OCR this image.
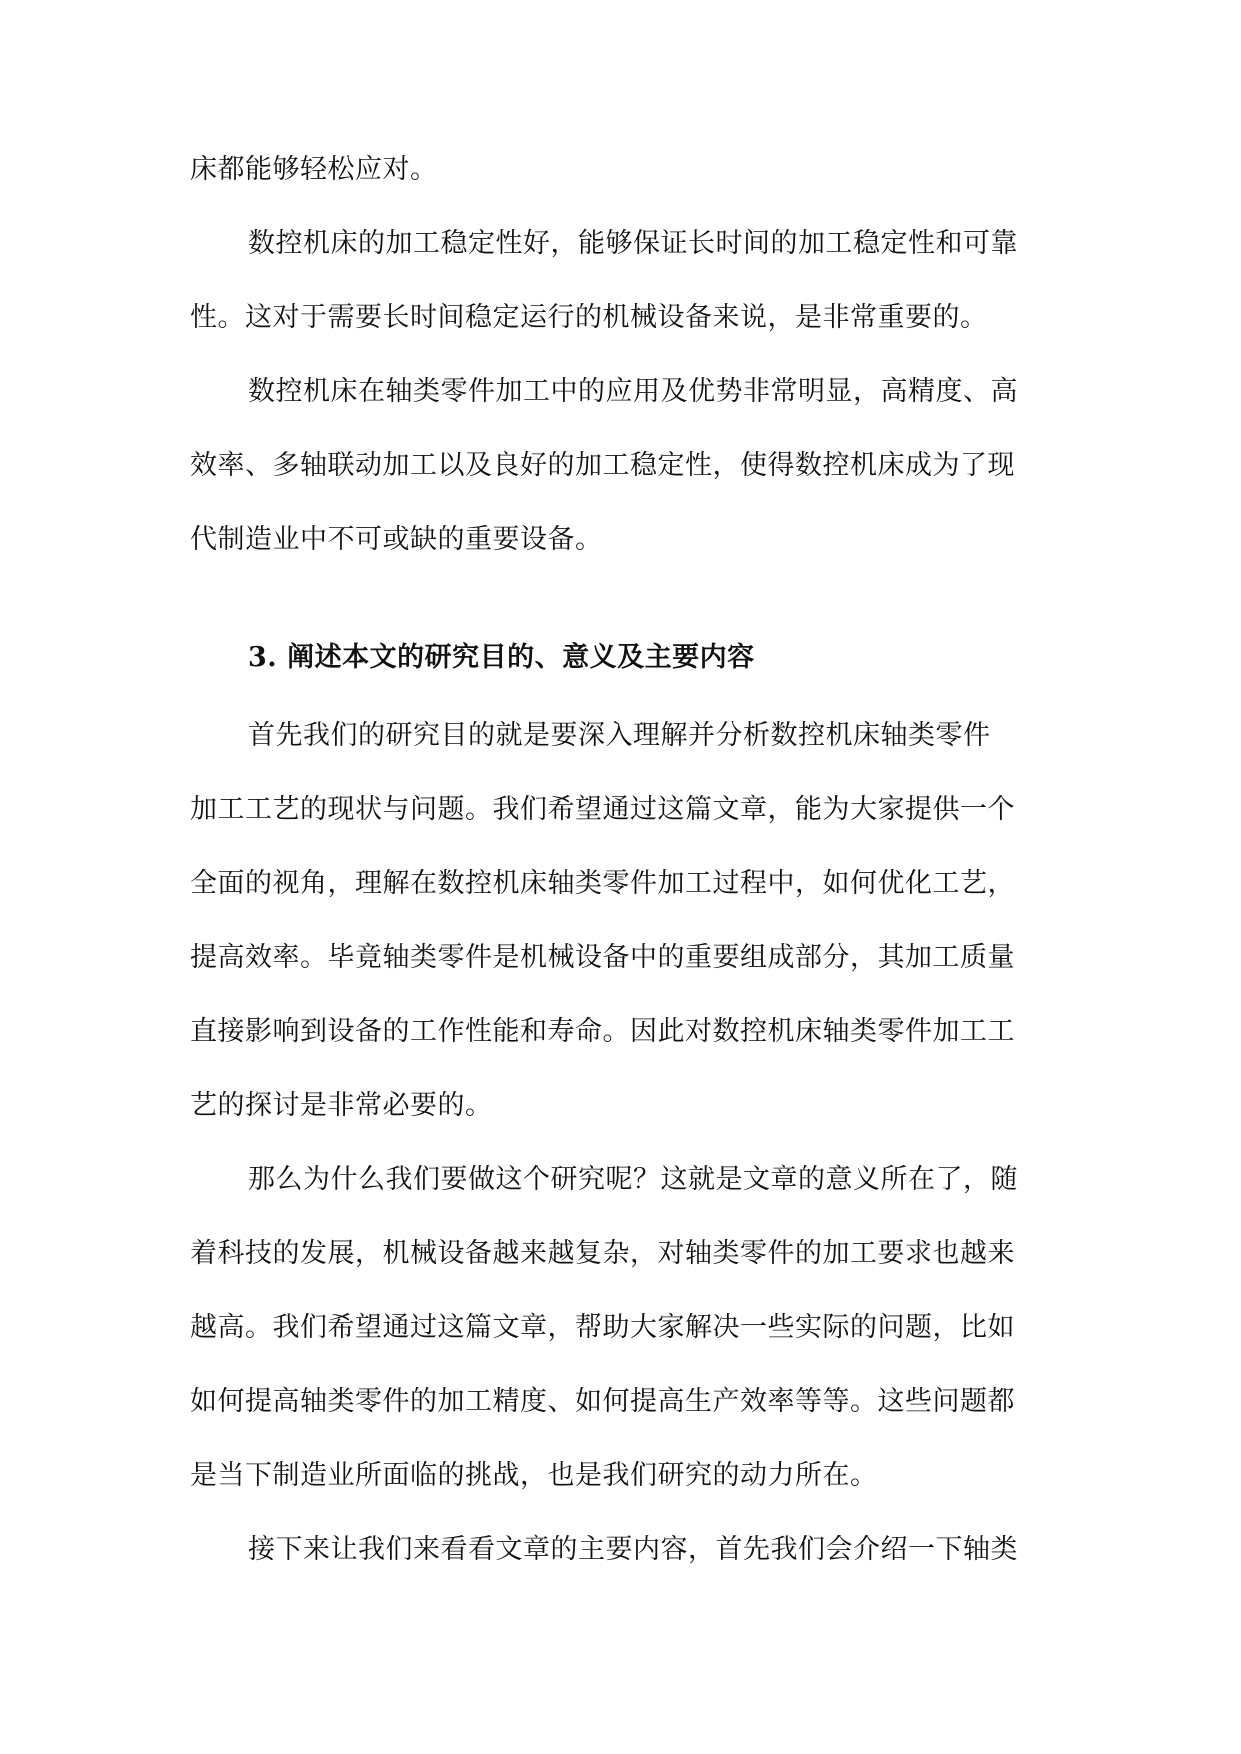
床都能够轻松应对。
数控机床的加工稳定性好，能够保证长时间的加工稳定性和可靠
性。这对于需要长时间稳定运行的机械设备来说，是非常重要的。
数控机床在轴类零件加工中的应用及优势非常明显，高精度、高
效率、多轴联动加工以及良好的加工稳定性，使得数控机床成为了现
代制造业中不可或缺的重要设备。
3. 阐述本文的研究目的、意义及主要内容
首先我们的研究目的就是要深入理解并分析数控机床轴类零件
加工工艺的现状与问题。我们希望通过这篇文章，能为大家提供一个
全面的视角，理解在数控机床轴类零件加工过程中，如何优化工艺，
提高效率。毕竟轴类零件是机械设备中的重要组成部分，其加工质量
直接影响到设备的工作性能和寿命。因此对数控机床轴类零件加工工
艺的探讨是非常必要的。
那么为什么我们要做这个研究呢？这就是文章的意义所在了，随
着科技的发展，机械设备越来越复杂，对轴类零件的加工要求也越来
越高。我们希望通过这篇文章，帮助大家解决一些实际的问题，比如
如何提高轴类零件的加工精度、如何提高生产效率等等。这些问题都
是当下制造业所面临的挑战，也是我们研究的动力所在。
接下来让我们来看看文章的主要内容，首先我们会介绍一下轴类
